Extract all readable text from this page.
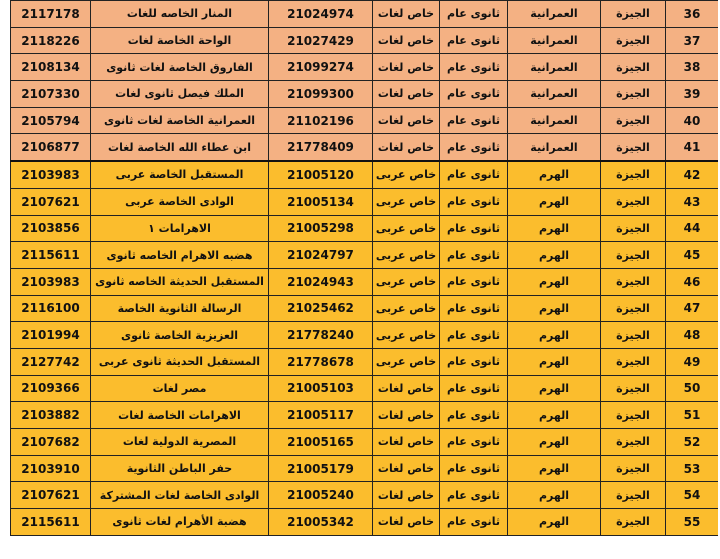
2117178	المنار الخاصه للغات	21024974	خاص لغات	ثانوى عام	العمرانية	الجيزة	36
2118226	الواحة الخاصة لغات	21027429	خاص لغات	ثانوى عام	العمرانية	الجيزة	37
2108134	الفاروق الخاصة لغات ثانوى	21099274	خاص لغات	ثانوى عام	العمرانية	الجيزة	38
2107330	الملك فيصل ثانوى لغات	21099300	خاص لغات	ثانوى عام	العمرانية	الجيزة	39
2105794	العمرانية الخاصة لغات ثانوى	21102196	خاص لغات	ثانوى عام	العمرانية	الجيزة	40
2106877	ابن عطاء الله الخاصة لغات	21778409	خاص لغات	ثانوى عام	العمرانية	الجيزة	41
2103983	المستقبل الخاصة عربى	21005120	خاص عربى	ثانوى عام	الهرم	الجيزة	42
2107621	الوادى الخاصة عربى	21005134	خاص عربى	ثانوى عام	الهرم	الجيزة	43
2103856	الاهرامات ١	21005298	خاص عربى	ثانوى عام	الهرم	الجيزة	44
2115611	هضبه الاهرام الخاصه ثانوى	21024797	خاص عربى	ثانوى عام	الهرم	الجيزة	45
2103983	المستقبل الحديثة الخاصه ثانوى	21024943	خاص عربى	ثانوى عام	الهرم	الجيزة	46
2116100	الرسالة الثانوية الخاصة	21025462	خاص عربى	ثانوى عام	الهرم	الجيزة	47
2101994	العزيزية الخاصة ثانوى	21778240	خاص عربى	ثانوى عام	الهرم	الجيزة	48
2127742	المستقبل الحديثة ثانوى عربى	21778678	خاص عربى	ثانوى عام	الهرم	الجيزة	49
2109366	مصر لغات	21005103	خاص لغات	ثانوى عام	الهرم	الجيزة	50
2103882	الاهرامات الخاصة لغات	21005117	خاص لغات	ثانوى عام	الهرم	الجيزة	51
2107682	المصرية الدولية لغات	21005165	خاص لغات	ثانوى عام	الهرم	الجيزة	52
2103910	حفر الباطن الثانوية	21005179	خاص لغات	ثانوى عام	الهرم	الجيزة	53
2107621	الوادى الخاصة لغات المشتركة	21005240	خاص لغات	ثانوى عام	الهرم	الجيزة	54
2115611	هضبة الأهرام لغات ثانوى	21005342	خاص لغات	ثانوى عام	الهرم	الجيزة	55
